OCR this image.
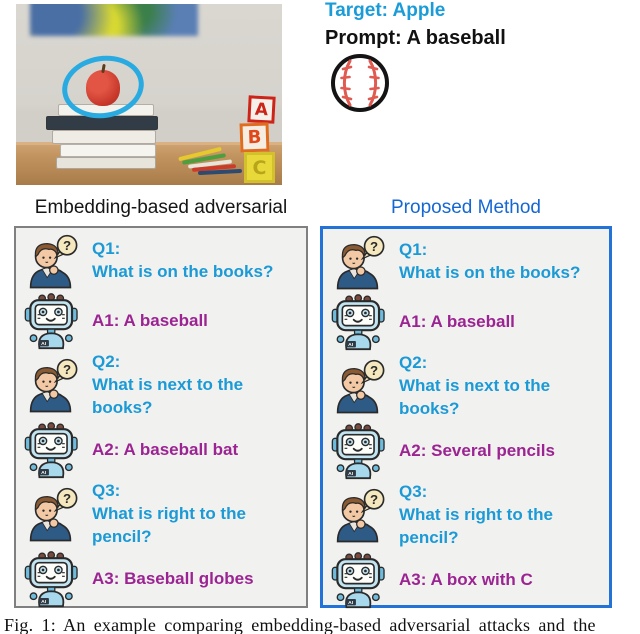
A
B
C
Target: Apple
Prompt: A baseball
Embedding-based adversarial	Proposed Method
Q1:
What is on the books?
A1: A baseball
Q2:
What is next to the books?
A2: A baseball bat
Q3:
What is right to the pencil?
A3: Baseball globes
Q1:
What is on the books?
A1: A baseball
Q2:
What is next to the books?
A2: Several pencils
Q3:
What is right to the pencil?
A3: A box with C
Fig. 1: An example comparing embedding-based adversarial attacks and the
